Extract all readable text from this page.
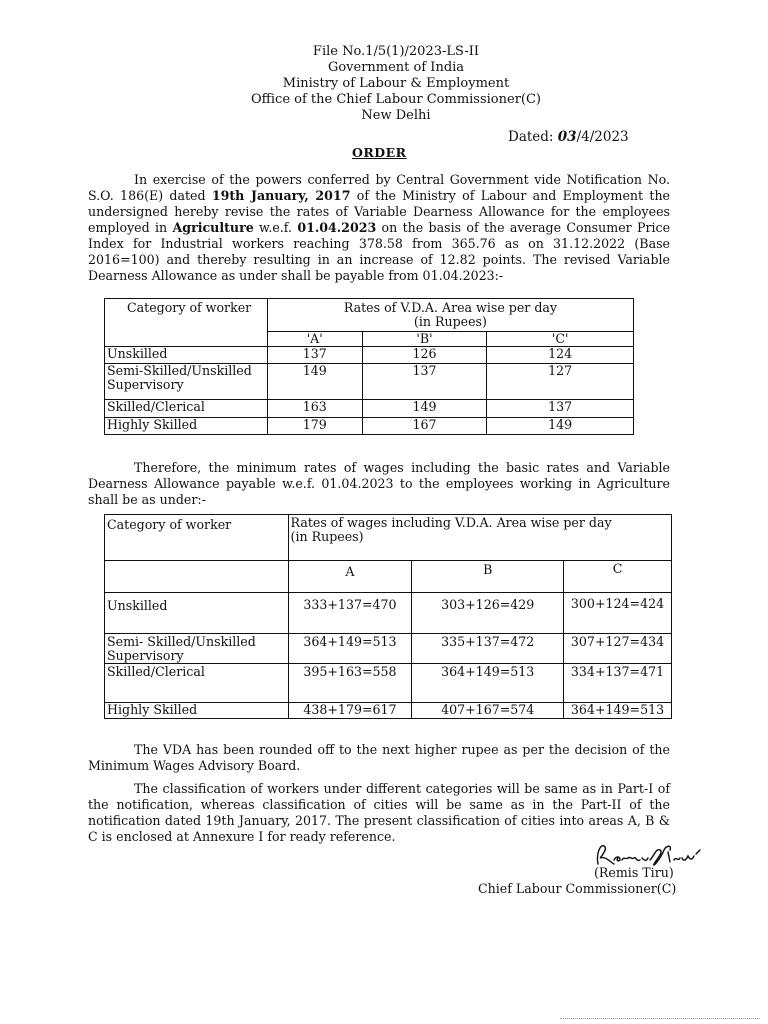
File No.1/5(1)/2023-LS-II
Government of India
Ministry of Labour & Employment
Office of the Chief Labour Commissioner(C)
New Delhi
Dated: 03/4/2023
ORDER
In exercise of the powers conferred by Central Government vide Notification No. S.O. 186(E) dated 19th January, 2017 of the Ministry of Labour and Employment the undersigned hereby revise the rates of Variable Dearness Allowance for the employees employed in Agriculture w.e.f. 01.04.2023 on the basis of the average Consumer Price Index for Industrial workers reaching 378.58 from 365.76 as on 31.12.2022 (Base 2016=100) and thereby resulting in an increase of 12.82 points. The revised Variable Dearness Allowance as under shall be payable from 01.04.2023:-
Category of worker	Rates of V.D.A. Area wise per day
(in Rupees)		

	'A'	'B'	'C'
Unskilled	137	126	124
Semi-Skilled/Unskilled Supervisory	149	137	127
Skilled/Clerical	163	149	137
Highly Skilled	179	167	149
Therefore, the minimum rates of wages including the basic rates and Variable Dearness Allowance payable w.e.f. 01.04.2023 to the employees working in Agriculture shall be as under:-
Category of worker	Rates of wages including V.D.A. Area wise per day
(in Rupees)		

	A	B	C
Unskilled	333+137=470	303+126=429	300+124=424
Semi- Skilled/Unskilled Supervisory	364+149=513	335+137=472	307+127=434
Skilled/Clerical	395+163=558	364+149=513	334+137=471
Highly Skilled	438+179=617	407+167=574	364+149=513
The VDA has been rounded off to the next higher rupee as per the decision of the Minimum Wages Advisory Board.
The classification of workers under different categories will be same as in Part-I of the notification, whereas classification of cities will be same as in the Part-II of the notification dated 19th January, 2017. The present classification of cities into areas A, B & C is enclosed at Annexure I for ready reference.
(Remis Tiru)
Chief Labour Commissioner(C)
